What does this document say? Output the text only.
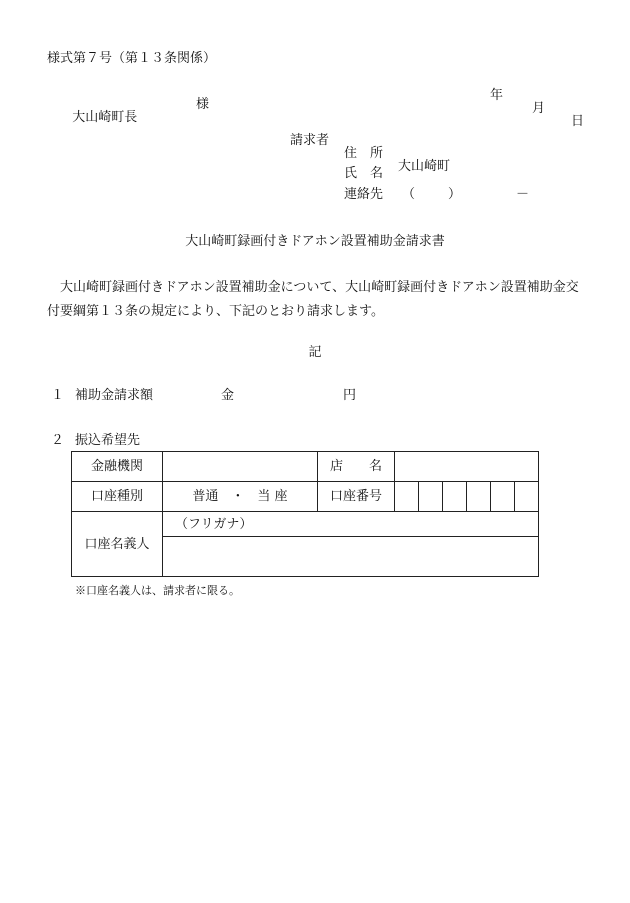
様式第７号（第１３条関係）

年

月

日

大山崎町長

様

請求者

住　所

大山崎町

氏　名

連絡先

（

	）

	－

大山崎町録画付きドアホン設置補助金請求書
大山崎町録画付きドアホン設置補助金について、大山崎町録画付きドアホン設置補助金交付要綱第１３条の規定により、下記のとおり請求します。
記

１

補助金請求額

	金

	円

２

振込希望先

金融機関		店　　名						
口座種別	普通　・　当 座	口座番号						
口座名義人	（フリガナ）							

※口座名義人は、請求者に限る。
